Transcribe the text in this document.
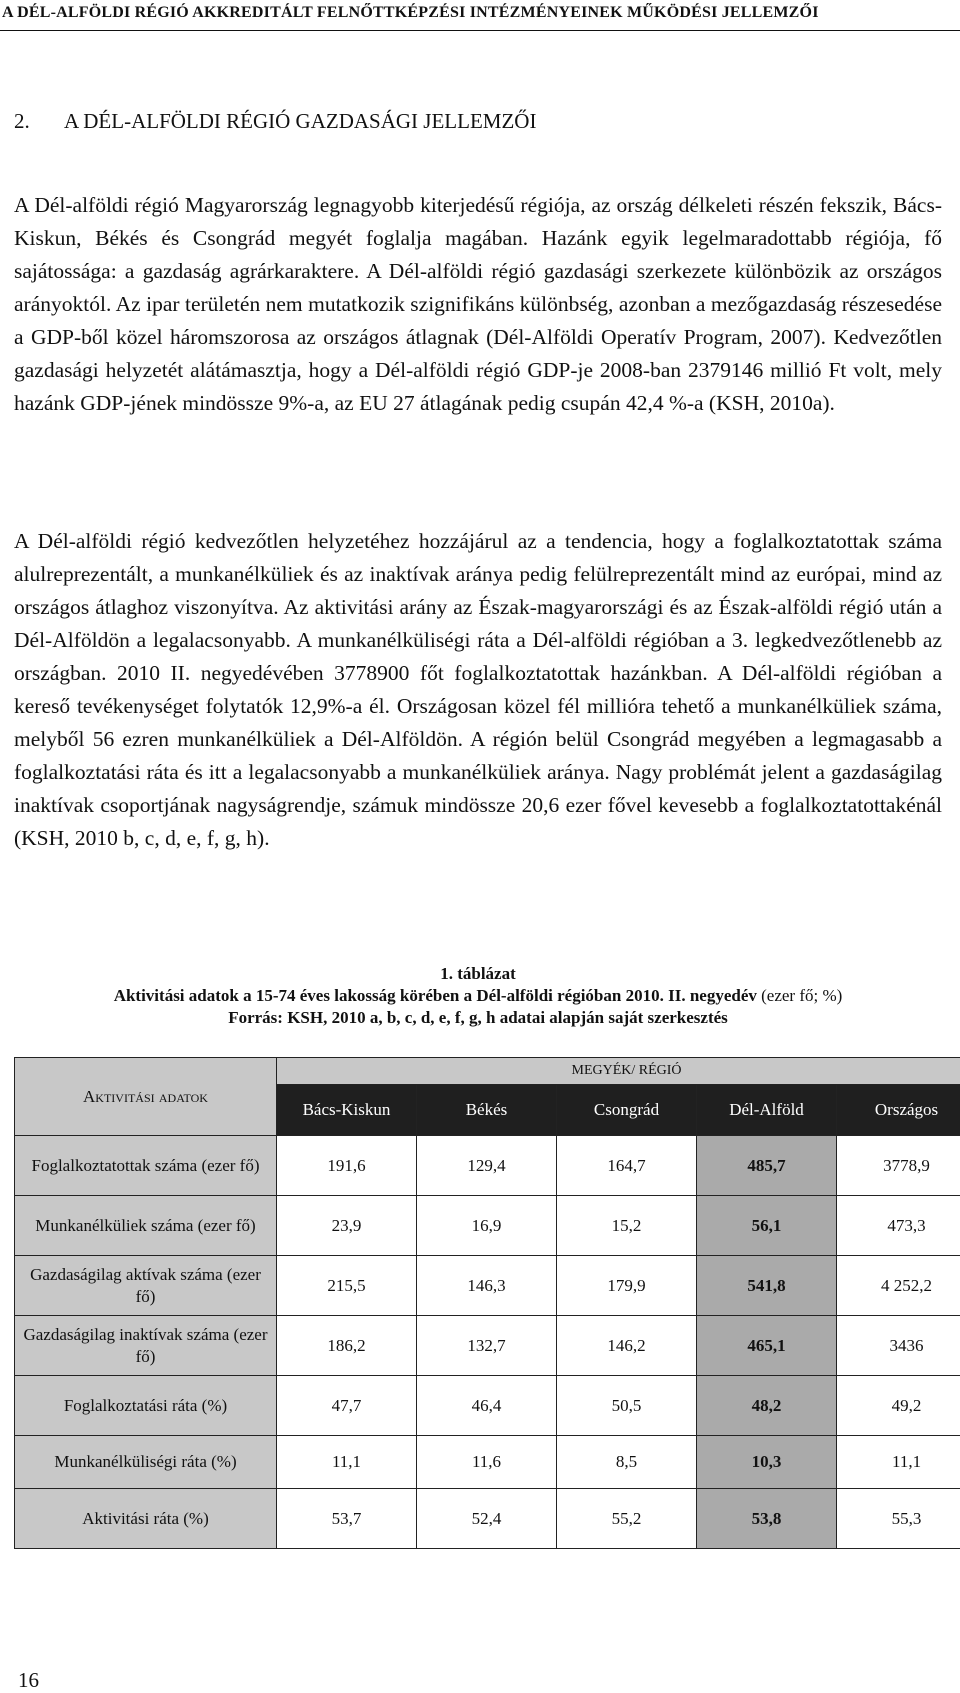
A DÉL-ALFÖLDI RÉGIÓ AKKREDITÁLT FELNŐTTKÉPZÉSI INTÉZMÉNYEINEK MŰKÖDÉSI JELLEMZŐI
2. A DÉL-ALFÖLDI RÉGIÓ GAZDASÁGI JELLEMZŐI

A Dél-alföldi régió Magyarország legnagyobb kiterjedésű régiója, az ország délkeleti részén fekszik, Bács-Kiskun, Békés és Csongrád megyét foglalja magában. Hazánk egyik legelmaradottabb régiója, fő sajátossága: a gazdaság agrárkaraktere. A Dél-alföldi régió gazdasági szerkezete különbözik az országos arányoktól. Az ipar területén nem mutatkozik szignifikáns különbség, azonban a mezőgazdaság részesedése a GDP-ből közel háromszorosa az országos átlagnak (Dél-Alföldi Operatív Program, 2007). Kedvezőtlen gazdasági helyzetét alátámasztja, hogy a Dél-alföldi régió GDP-je 2008-ban 2379146 millió Ft volt, mely hazánk GDP-jének mindössze 9%-a, az EU 27 átlagának pedig csupán 42,4 %-a (KSH, 2010a).

A Dél-alföldi régió kedvezőtlen helyzetéhez hozzájárul az a tendencia, hogy a foglalkoztatottak száma alulreprezentált, a munkanélküliek és az inaktívak aránya pedig felülreprezentált mind az európai, mind az országos átlaghoz viszonyítva. Az aktivitási arány az Észak-magyarországi és az Észak-alföldi régió után a Dél-Alföldön a legalacsonyabb. A munkanélküliségi ráta a Dél-alföldi régióban a 3. legkedvezőtlenebb az országban. 2010 II. negyedévében 3778900 főt foglalkoztatottak hazánkban. A Dél-alföldi régióban a kereső tevékenységet folytatók 12,9%-a él. Országosan közel fél millióra tehető a munkanélküliek száma, melyből 56 ezren munkanélküliek a Dél-Alföldön. A régión belül Csongrád megyében a legmagasabb a foglalkoztatási ráta és itt a legalacsonyabb a munkanélküliek aránya. Nagy problémát jelent a gazdaságilag inaktívak csoportjának nagyságrendje, számuk mindössze 20,6 ezer fővel kevesebb a foglalkoztatottakénál (KSH, 2010 b, c, d, e, f, g, h).

1. táblázat
Aktivitási adatok a 15-74 éves lakosság körében a Dél-alföldi régióban 2010. II. negyedév (ezer fő; %)
Forrás: KSH, 2010 a, b, c, d, e, f, g, h adatai alapján saját szerkesztés
Aktivitási adatok	MEGYÉK/ RÉGIÓ				
	Bács-Kiskun	Békés	Csongrád	Dél-Alföld	Országos
Foglalkoztatottak száma (ezer fő)	191,6	129,4	164,7	485,7	3778,9
Munkanélküliek száma (ezer fő)	23,9	16,9	15,2	56,1	473,3
Gazdaságilag aktívak száma (ezer fő)	215,5	146,3	179,9	541,8	4 252,2
Gazdaságilag inaktívak száma (ezer fő)	186,2	132,7	146,2	465,1	3436
Foglalkoztatási ráta (%)	47,7	46,4	50,5	48,2	49,2
Munkanélküliségi ráta (%)	11,1	11,6	8,5	10,3	11,1
Aktivitási ráta (%)	53,7	52,4	55,2	53,8	55,3
16
